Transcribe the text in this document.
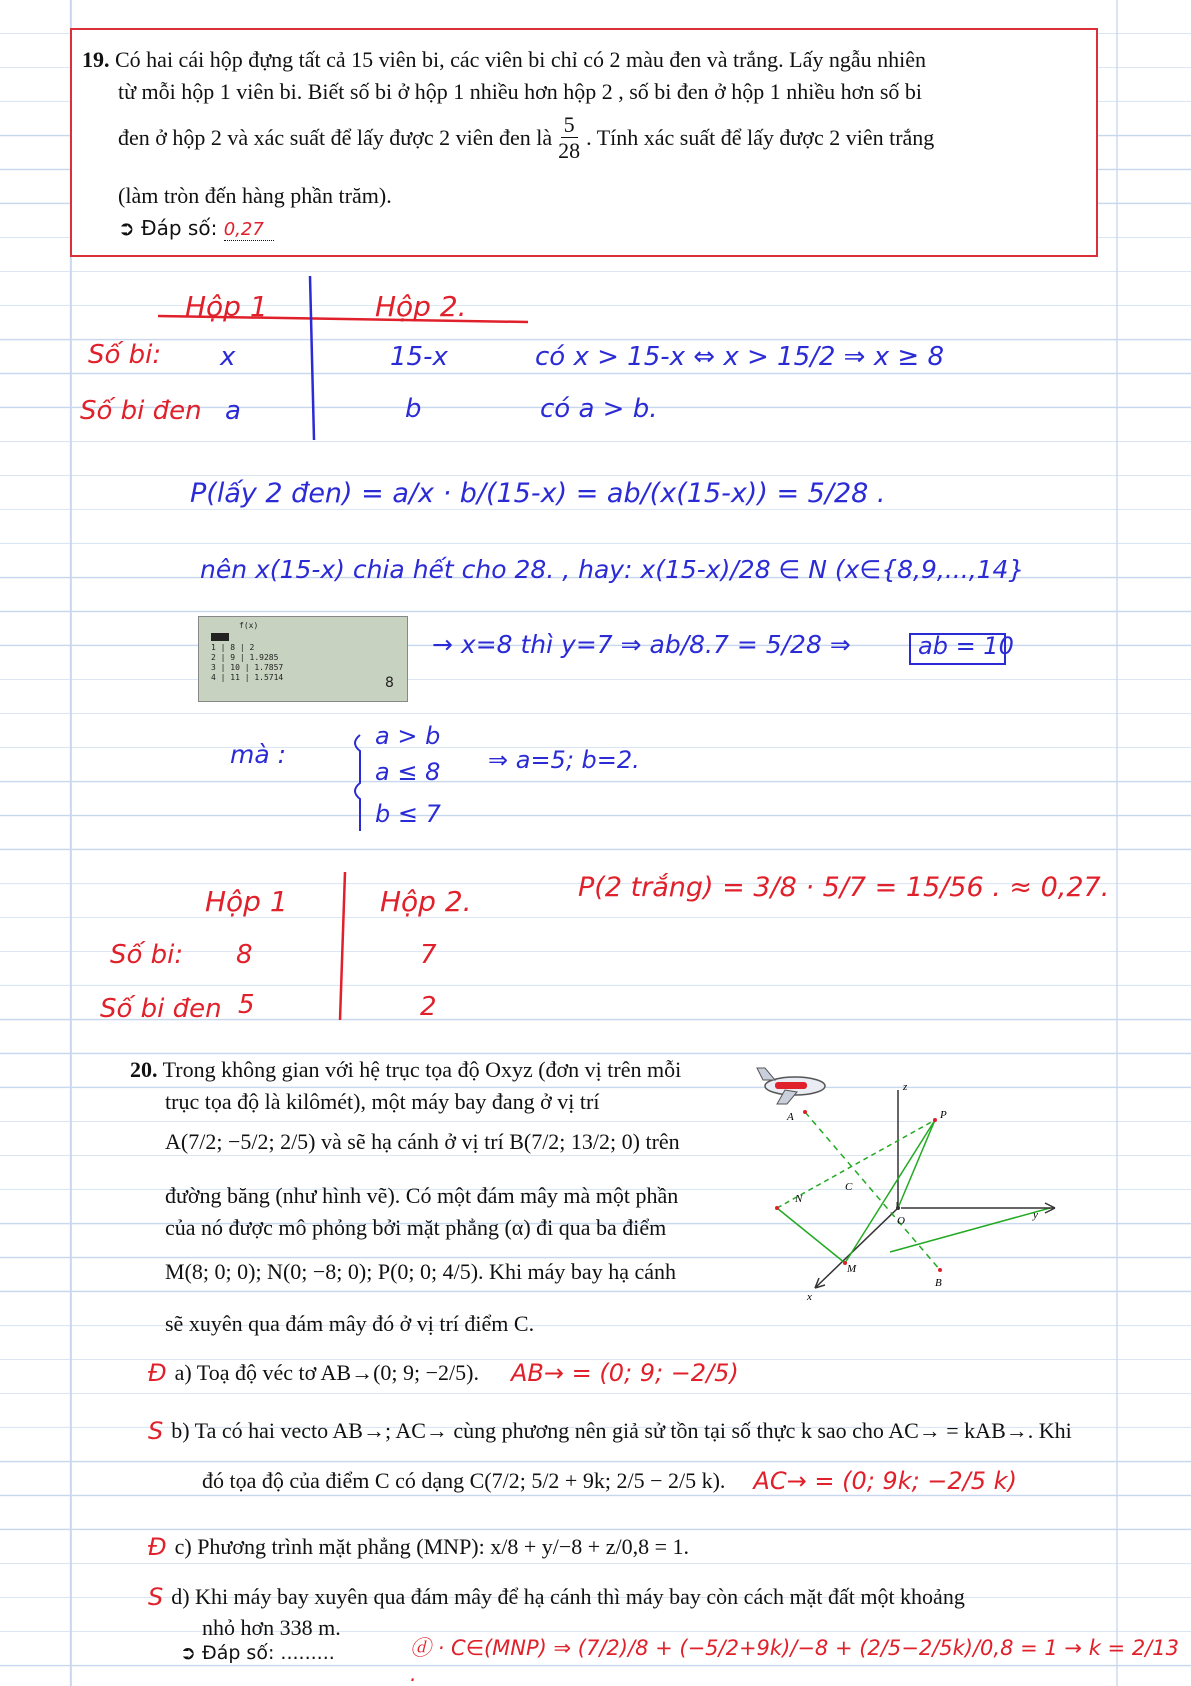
19. Có hai cái hộp đựng tất cả 15 viên bi, các viên bi chỉ có 2 màu đen và trắng. Lấy ngẫu nhiên
từ mỗi hộp 1 viên bi. Biết số bi ở hộp 1 nhiều hơn hộp 2 , số bi đen ở hộp 1 nhiều hơn số bi
đen ở hộp 2 và xác suất để lấy được 2 viên đen là $\frac{5}{28}$ . Tính xác suất để lấy được 2 viên trắng
(làm tròn đến hàng phần trăm).
➲ Đáp số: 0,27
Hộp 1	Hộp 2.
Số bi: x	15-x	có x > 15-x ⇔ x > 15/2 ⇒ x ≥ 8
Số bi đen a	b	có a > b.
P(lấy 2 đen) = a/x · b/(15-x) = ab/(x(15-x)) = 5/28 .
nên x(15-x) chia hết cho 28. , hay: x(15-x)/28 ∈ N (x∈{8,9,...,14}
f(x)
1 | 8 | 2
2 | 9 | 1.9285
3 | 10 | 1.7857
4 | 11 | 1.5714	8
→ x=8 thì y=7 ⇒ ab/8.7 = 5/28 ⇒	ab = 10
mà :
a > b
a ≤ 8
b ≤ 7
⇒ a=5; b=2.
P(2 trắng) = 3/8 · 5/7 = 15/56 . ≈ 0,27.
Hộp 1	Hộp 2.
Số bi: 8	7
Số bi đen 5	2
20. Trong không gian với hệ trục tọa độ Oxyz (đơn vị trên mỗi
trục tọa độ là kilômét), một máy bay đang ở vị trí
A(7/2; −5/2; 2/5) và sẽ hạ cánh ở vị trí B(7/2; 13/2; 0) trên
đường băng (như hình vẽ). Có một đám mây mà một phần
của nó được mô phỏng bởi mặt phẳng (α) đi qua ba điểm
M(8; 0; 0); N(0; −8; 0); P(0; 0; 4/5). Khi máy bay hạ cánh
sẽ xuyên qua đám mây đó ở vị trí điểm C.
z
y
x
A	P
N
C
O
M
B
Đ a) Toạ độ véc tơ AB→(0; 9; −2/5). AB→ = (0; 9; −2/5)
S b) Ta có hai vecto AB→; AC→ cùng phương nên giả sử tồn tại số thực k sao cho AC→ = kAB→. Khi
đó tọa độ của điểm C có dạng C(7/2; 5/2 + 9k; 2/5 − 2/5 k). AC→ = (0; 9k; −2/5 k)
Đ c) Phương trình mặt phẳng (MNP): x/8 + y/−8 + z/0,8 = 1.
S d) Khi máy bay xuyên qua đám mây để hạ cánh thì máy bay còn cách mặt đất một khoảng
nhỏ hơn 338 m.
ⓓ · C∈(MNP) ⇒ (7/2)/8 + (−5/2+9k)/−8 + (2/5−2/5k)/0,8 = 1 → k = 2/13 .
➲ Đáp số: .........
